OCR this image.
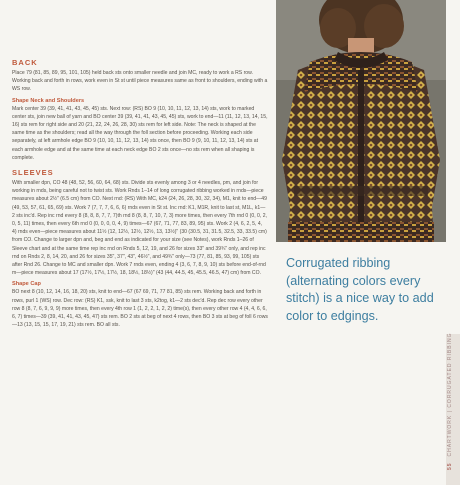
BACK

Place 79 (81, 85, 89, 95, 101, 105) held back sts onto smaller needle and join MC, ready to work a RS row. Working back and forth in rows, work even in St st until piece measures same as front to shoulders, ending with a WS row.

Shape Neck and Shoulders

Mark center 39 (39, 41, 41, 43, 45, 45) sts. Next row: (RS) BO 9 (10, 10, 11, 12, 13, 14) sts, work to marked center sts, join new ball of yarn and BO center 39 (39, 41, 41, 43, 45, 45) sts, work to end—11 (11, 12, 13, 14, 15, 16) sts rem for right side and 20 (21, 22, 24, 26, 28, 30) sts rem for left side. Note: The neck is shaped at the same time as the shoulders; read all the way through the foll section before proceeding. Working each side separately, at left armhole edge BO 9 (10, 10, 11, 12, 13, 14) sts once, then BO 9 (9, 10, 11, 12, 13, 14) sts at each armhole edge and at the same time at each neck edge BO 2 sts once—no sts rem when all shaping is complete.

SLEEVES

With smaller dpn, CO 48 (48, 52, 56, 60, 64, 68) sts. Divide sts evenly among 3 or 4 needles, pm, and join for working in rnds, being careful not to twist sts. Work Rnds 1–14 of long corrugated ribbing worked in rnds—piece measures about 2½" (6.5 cm) from CO. Next rnd: (RS) With MC, k24 (24, 26, 28, 30, 32, 34), M1, knit to end—49 (49, 53, 57, 61, 65, 69) sts. Work 7 (7, 7, 7, 6, 6, 6) rnds even in St st. Inc rnd: K1, M1R, knit to last st, M1L, k1—2 sts inc'd. Rep inc rnd every 8 (8, 8, 8, 7, 7, 7)th rnd 8 (8, 8, 7, 10, 7, 3) more times, then every 7th rnd 0 (0, 0, 2, 0, 5, 11) times, then every 6th rnd 0 (0, 0, 0, 0, 4, 9) times—67 (67, 71, 77, 83, 89, 95) sts. Work 2 (4, 6, 2, 5, 4, 4) rnds even—piece measures about 11½ (12, 12½, 12½, 12½, 13, 13½)" (30 (30.5, 31, 31.5, 32.5, 33, 33.5) cm) from CO. Change to larger dpn and, beg and end as indicated for your size (see Notes), work Rnds 1–26 of Sleeve chart and at the same time rep inc rnd on Rnds 5, 12, 19, and 26 for sizes 33" and 39¾" only, and rep inc rnd on Rnds 2, 8, 14, 20, and 26 for sizes 35", 37", 43", 46½", and 49¾" only—73 (77, 81, 85, 93, 99, 105) sts after Rnd 26. Change to MC and smaller dpn. Work 7 rnds even, ending 4 (3, 6, 7, 8, 9, 10) sts before end-of-rnd m—piece measures about 17 (17½, 17½, 17½, 18, 18½, 18½)" (43 (44, 44.5, 45, 45.5, 46.5, 47) cm) from CO.

Shape Cap

BO next 8 (10, 12, 14, 16, 18, 20) sts, knit to end—67 (67 69, 71, 77 81, 85) sts rem. Working back and forth in rows, purl 1 (WS) row. Dec row: (RS) K1, ssk, knit to last 3 sts, k2tog, k1—2 sts dec'd. Rep dec row every other row 8 (8, 7, 6, 9, 9, 9) more times, then every 4th row 1 (1, 2, 2, 1, 2, 2) time(s), then every other row 4 (4, 4, 6, 6, 6, 7) times—39 (39, 41, 41, 43, 45, 47) sts rem. BO 2 sts at beg of next 4 rows, then BO 3 sts at beg of foll 6 rows—13 (13, 15, 15, 17, 19, 21) sts rem. BO all sts.

Corrugated ribbing (alternating colors every stitch) is a nice way to add color to edgings.
55CHARTWORK | CORRUGATED RIBBING
